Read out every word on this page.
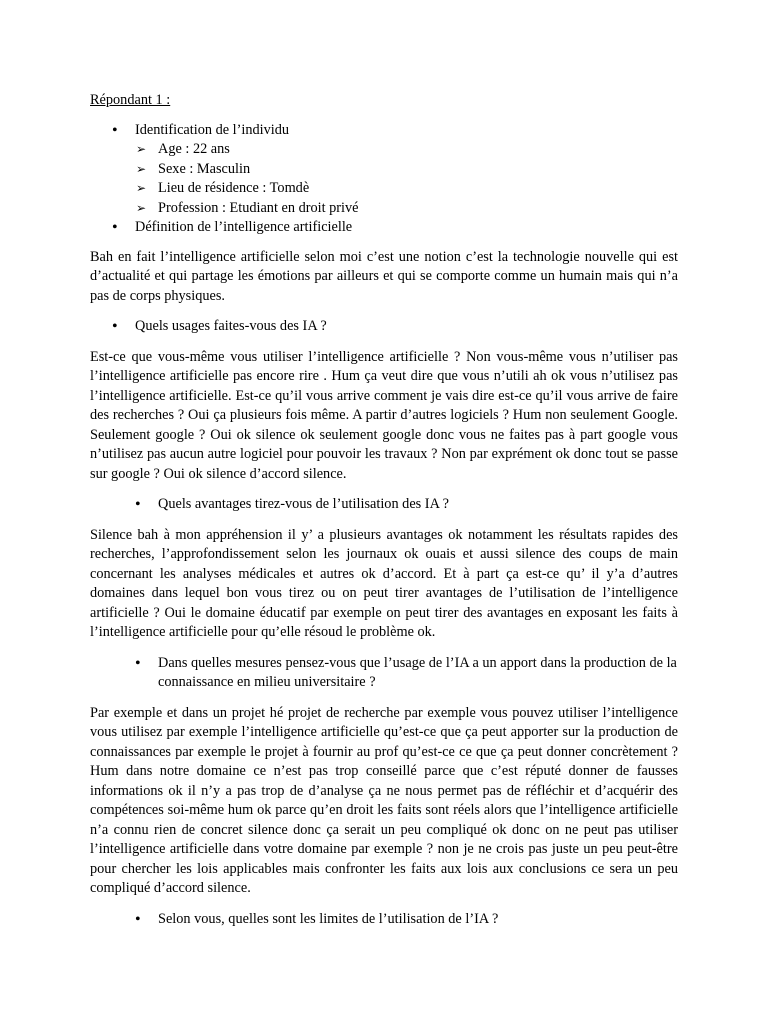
Répondant 1 :
• Identification de l’individu
➢ Age : 22 ans
➢ Sexe : Masculin
➢ Lieu de résidence : Tomdè
➢ Profession : Etudiant en droit privé
• Définition de l’intelligence artificielle

Bah en fait l’intelligence artificielle selon moi c’est une notion c’est la technologie nouvelle qui est d’actualité et qui partage les émotions par ailleurs et qui se comporte comme un humain mais qui n’a pas de corps physiques.

• Quels usages faites-vous des IA ?

Est-ce que vous-même vous utiliser l’intelligence artificielle ? Non vous-même vous n’utiliser pas l’intelligence artificielle pas encore rire . Hum ça veut dire que vous n’utili ah ok vous n’utilisez pas l’intelligence artificielle. Est-ce qu’il vous arrive comment je vais dire est-ce qu’il vous arrive de faire des recherches ? Oui ça plusieurs fois même. A partir d’autres logiciels ? Hum non seulement Google. Seulement google ? Oui ok silence ok seulement google donc vous ne faites pas à part google vous n’utilisez pas aucun autre logiciel pour pouvoir les travaux ? Non par exprément ok donc tout se passe sur google ? Oui ok silence d’accord silence.

• Quels avantages tirez-vous de l’utilisation des IA ?

Silence bah à mon appréhension il y’ a plusieurs avantages ok notamment les résultats rapides des recherches, l’approfondissement selon les journaux ok ouais et aussi silence des coups de main concernant les analyses médicales et autres ok d’accord. Et à part ça est-ce qu’ il y’a d’autres domaines dans lequel bon vous tirez ou on peut tirer avantages de l’utilisation de l’intelligence artificielle ? Oui le domaine éducatif par exemple on peut tirer des avantages en exposant les faits à l’intelligence artificielle pour qu’elle résoud le problème ok.

• Dans quelles mesures pensez-vous que l’usage de l’IA a un apport dans la production de la connaissance en milieu universitaire ?

Par exemple et dans un projet hé projet de recherche par exemple vous pouvez utiliser l’intelligence vous utilisez par exemple l’intelligence artificielle qu’est-ce que ça peut apporter sur la production de connaissances par exemple le projet à fournir au prof qu’est-ce ce que ça peut donner concrètement ? Hum dans notre domaine ce n’est pas trop conseillé parce que c’est réputé donner de fausses informations ok il n’y a pas trop de d’analyse ça ne nous permet pas de réfléchir et d’acquérir des compétences soi-même hum ok parce qu’en droit les faits sont réels alors que l’intelligence artificielle n’a connu rien de concret silence donc ça serait un peu compliqué ok donc on ne peut pas utiliser l’intelligence artificielle dans votre domaine par exemple ? non je ne crois pas juste un peu peut-être pour chercher les lois applicables mais confronter les faits aux lois aux conclusions ce sera un peu compliqué d’accord silence.

• Selon vous, quelles sont les limites de l’utilisation de l’IA ?
